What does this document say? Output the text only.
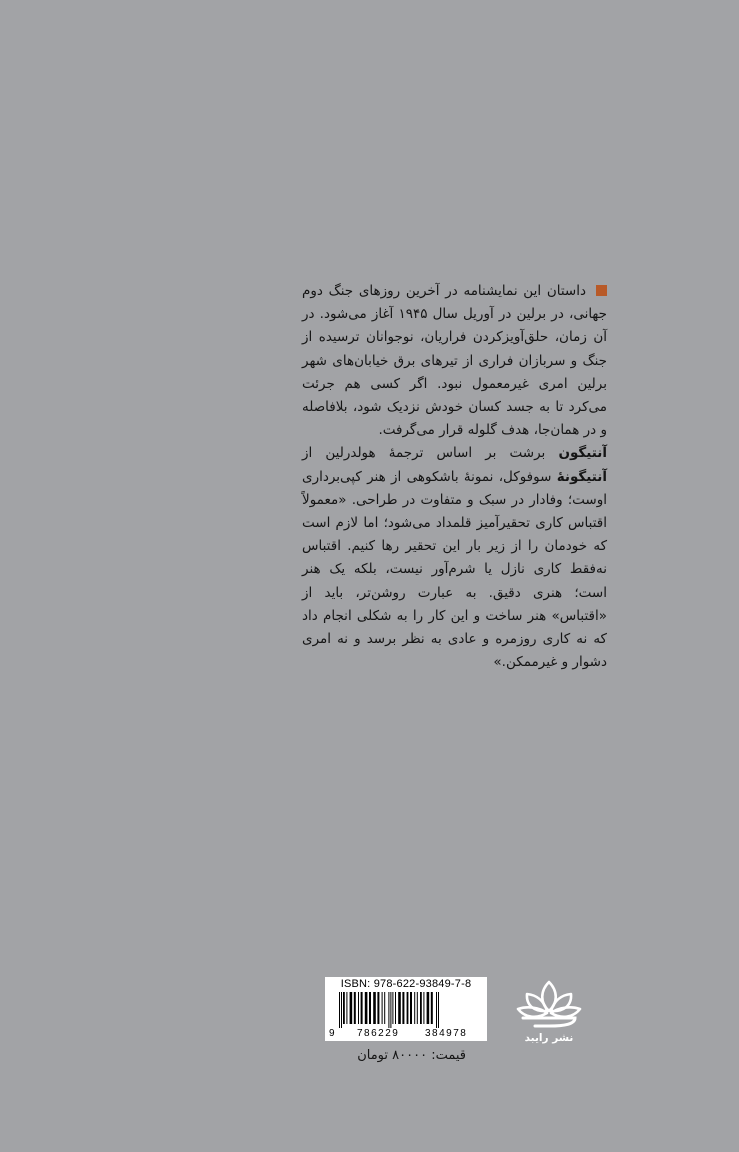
داستان این نمایشنامه در آخرین روزهای جنگ دوم جهانی، در برلین در آوریل سال ۱۹۴۵ آغاز می‌شود. در آن زمان، حلق‌آویزکردن فراریان، نوجوانان ترسیده از جنگ و سربازان فراری از تیرهای برق خیابان‌های شهر برلین امری غیرمعمول نبود. اگر کسی هم جرئت می‌کرد تا به جسد کسان خودش نزدیک شود، بلافاصله و در همان‌جا، هدف گلوله قرار می‌گرفت.

آنتیگون برشت بر اساس ترجمهٔ هولدرلین از آنتیگونهٔ سوفوکل، نمونهٔ باشکوهی از هنر کپی‌برداری اوست؛ وفادار در سبک و متفاوت در طراحی. «معمولاً اقتباس کاری تحقیرآمیز قلمداد می‌شود؛ اما لازم است که خودمان را از زیر بار این تحقیر رها کنیم. اقتباس نه‌فقط کاری نازل یا شرم‌آور نیست، بلکه یک هنر است؛ هنری دقیق. به عبارت روشن‌تر، باید از «اقتباس» هنر ساخت و این کار را به شکلی انجام داد که نه کاری روزمره و عادی به نظر برسد و نه امری دشوار و غیرممکن.»

ISBN: 978-622-93849-7-8
9 786229	384978
قیمت: ۸۰۰۰۰ تومان
نشر رایبد
